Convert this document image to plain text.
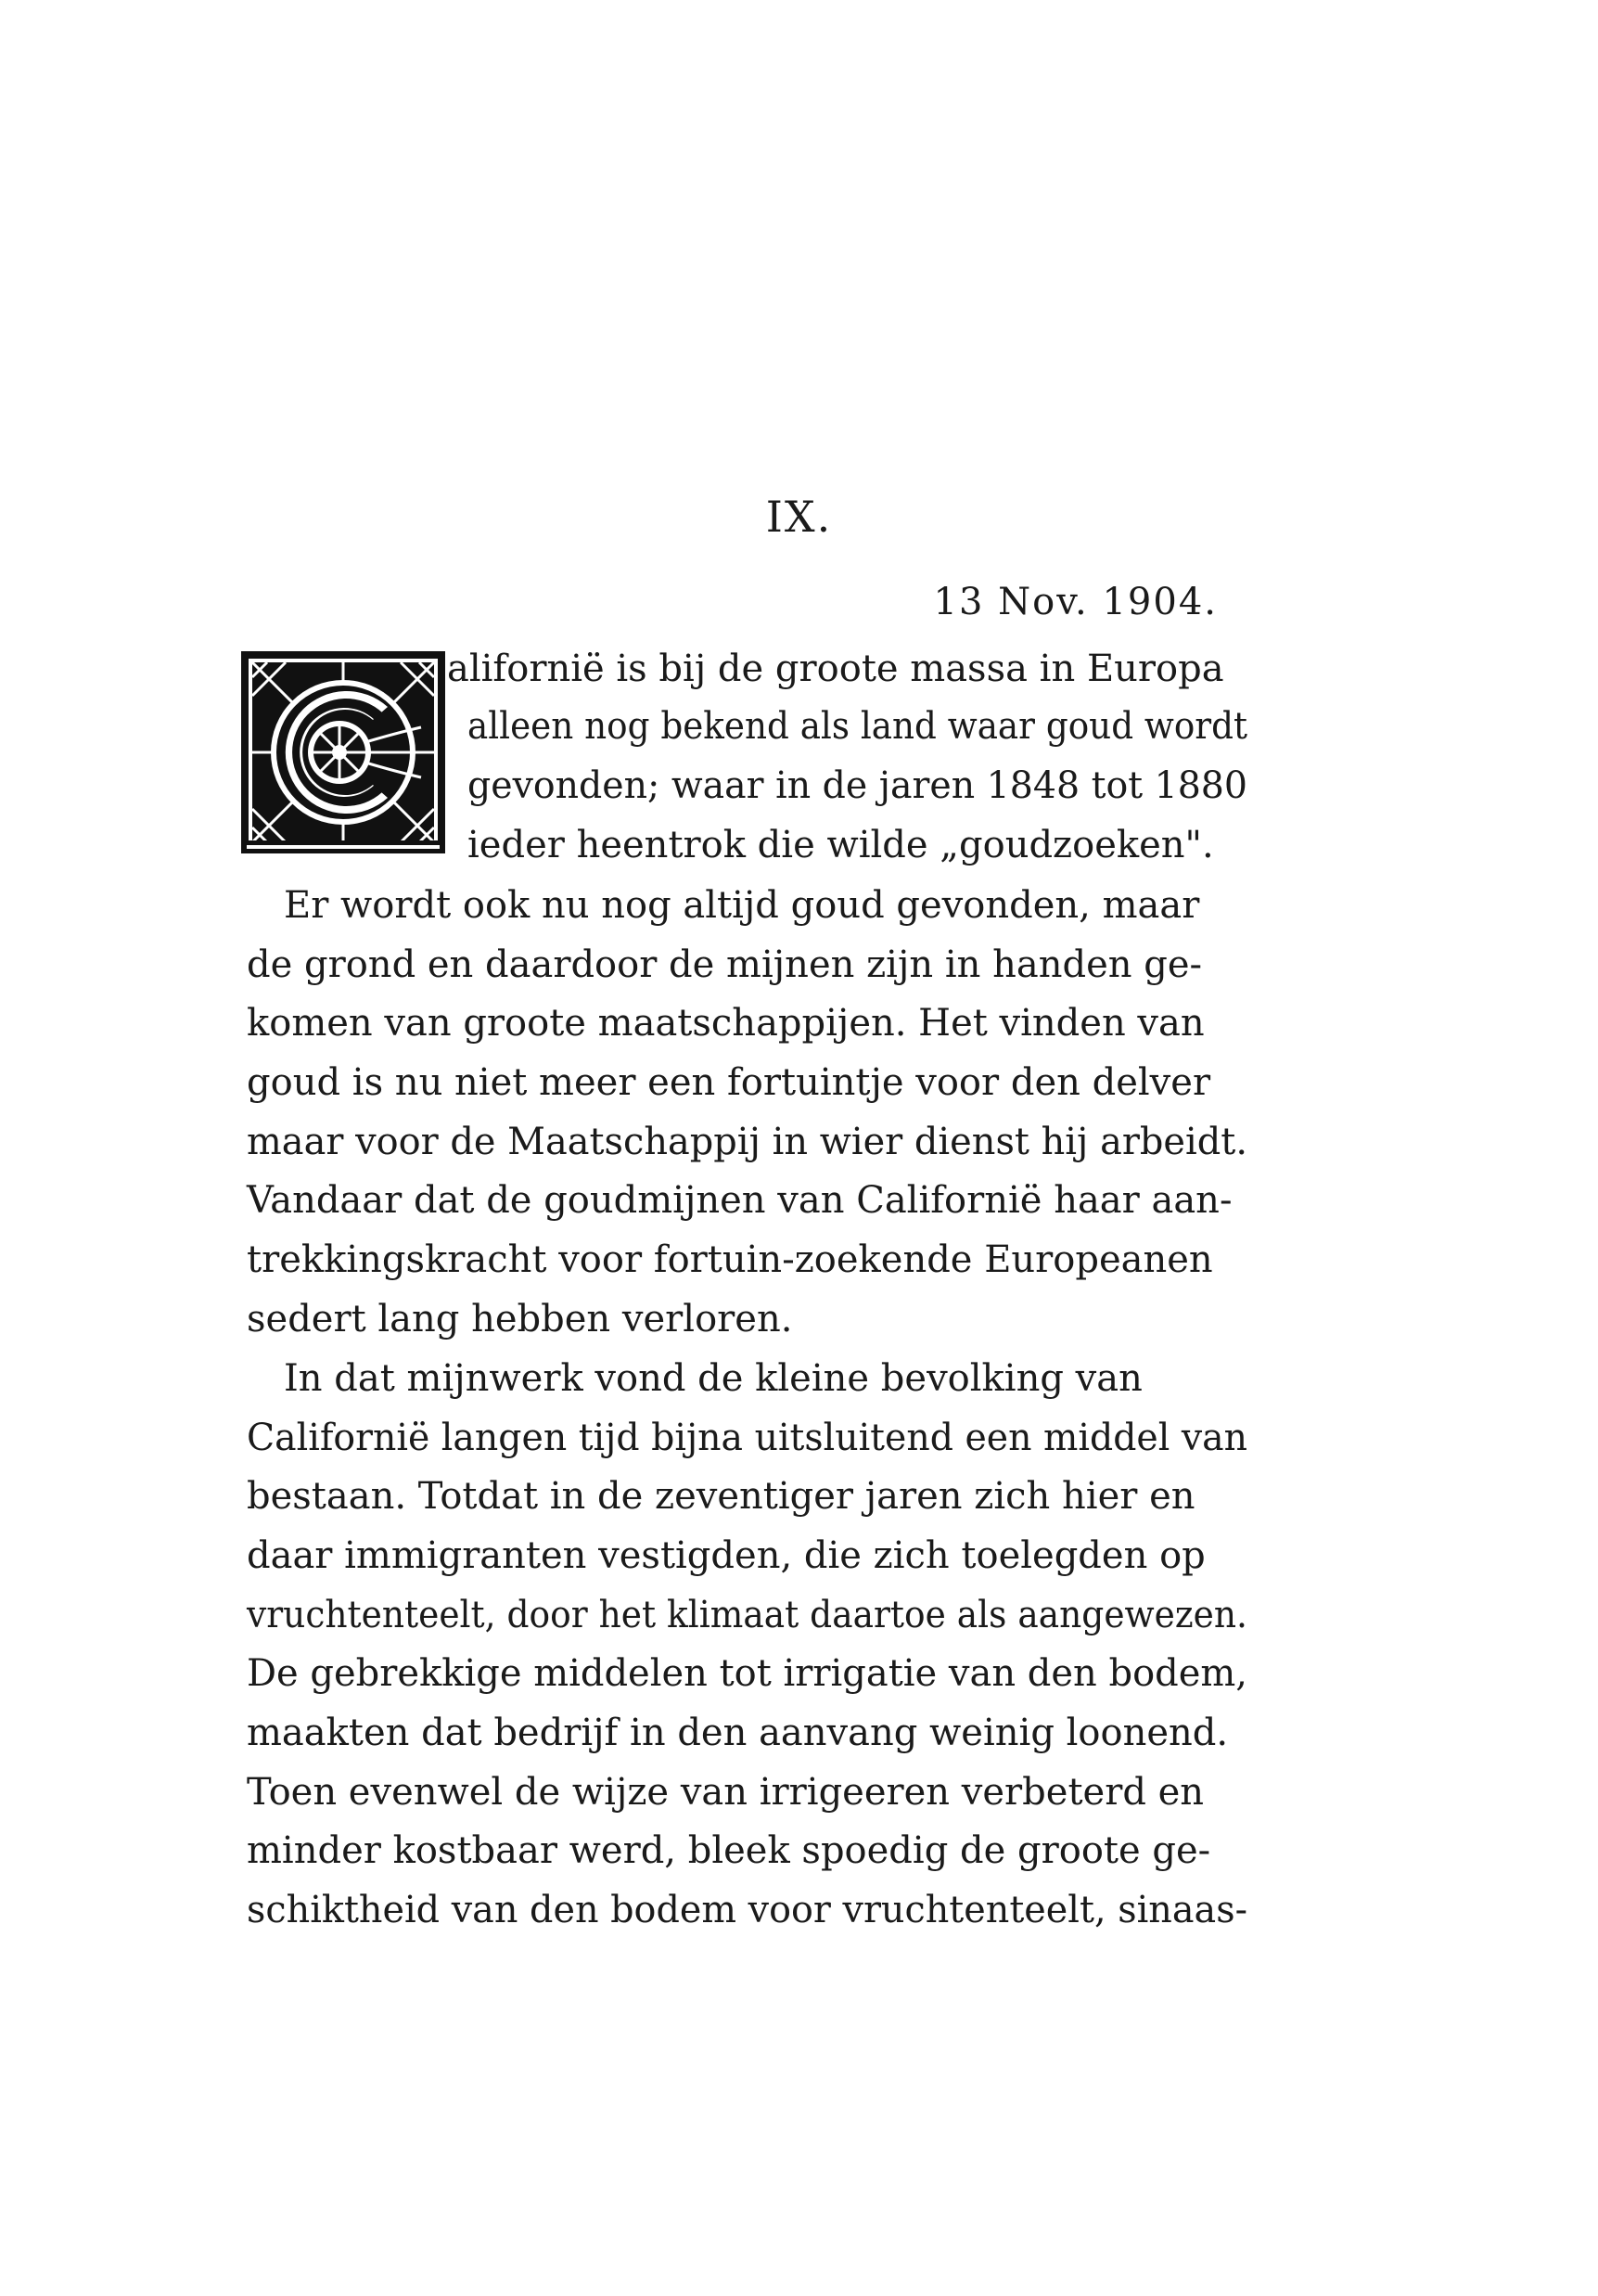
IX.
13 Nov. 1904.
aliforniё is bij de groote massa in Europa
alleen nog bekend als land waar goud wordt
gevonden; waar in de jaren 1848 tot 1880
ieder heentrok die wilde „goudzoeken".
Er wordt ook nu nog altijd goud gevonden, maar
de grond en daardoor de mijnen zijn in handen ge-
komen van groote maatschappijen. Het vinden van
goud is nu niet meer een fortuintje voor den delver
maar voor de Maatschappij in wier dienst hij arbeidt.
Vandaar dat de goudmijnen van Californiё haar aan-
trekkingskracht voor fortuin-zoekende Europeanen
sedert lang hebben verloren.
In dat mijnwerk vond de kleine bevolking van
Californiё langen tijd bijna uitsluitend een middel van
bestaan. Totdat in de zeventiger jaren zich hier en
daar immigranten vestigden, die zich toelegden op
vruchtenteelt, door het klimaat daartoe als aangewezen.
De gebrekkige middelen tot irrigatie van den bodem,
maakten dat bedrijf in den aanvang weinig loonend.
Toen evenwel de wijze van irrigeeren verbeterd en
minder kostbaar werd, bleek spoedig de groote ge-
schiktheid van den bodem voor vruchtenteelt, sinaas-
